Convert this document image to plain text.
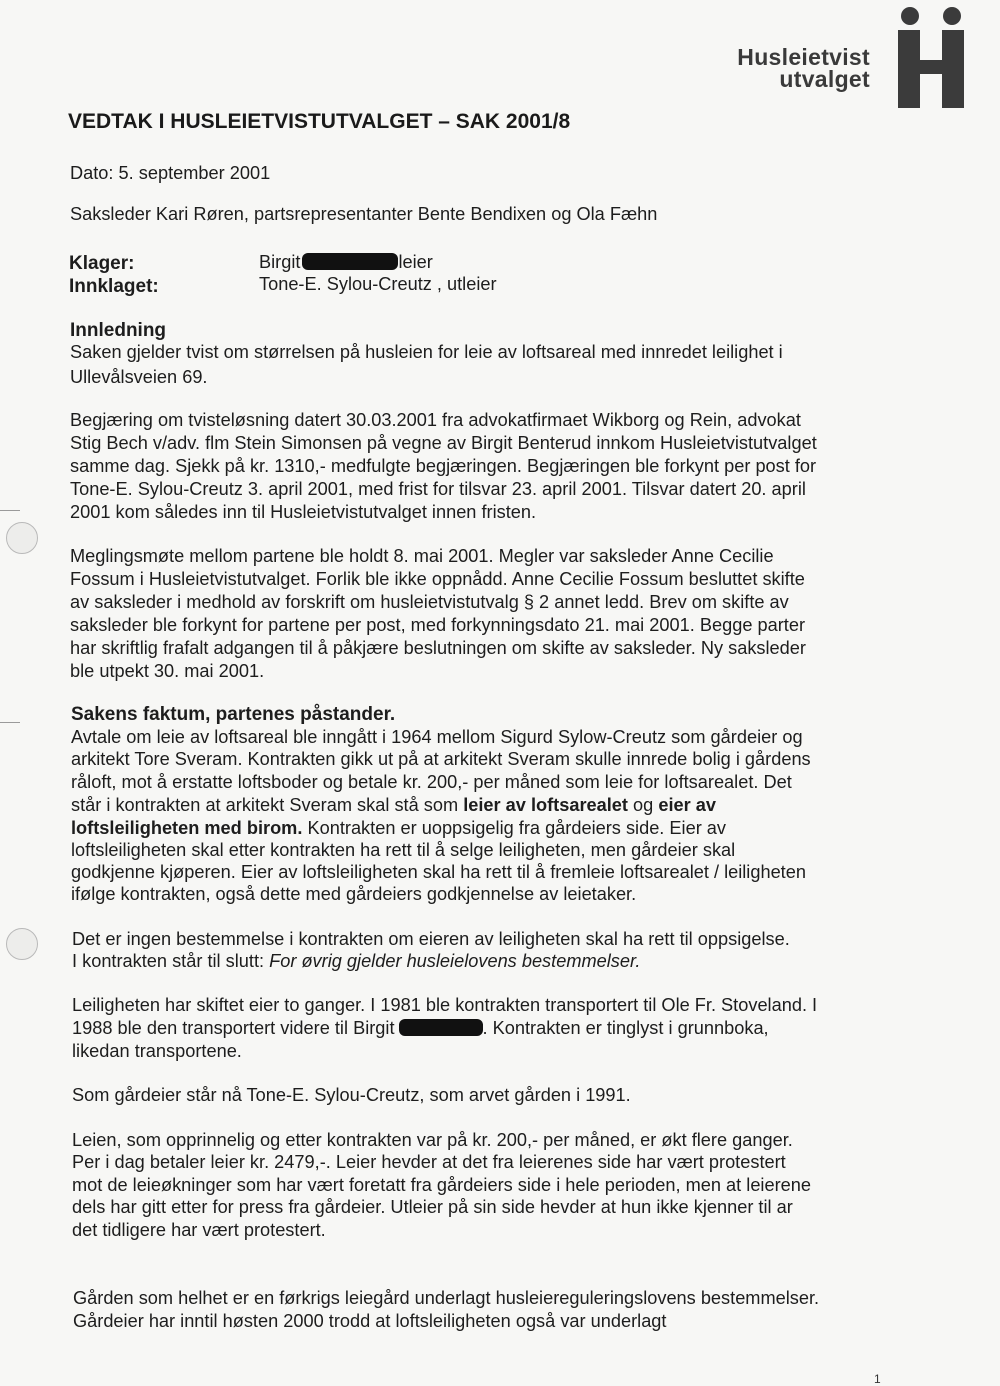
Husleietvist
utvalget
VEDTAK I HUSLEIETVISTUTVALGET – SAK 2001/8
Dato: 5. september 2001
Saksleder Kari Røren, partsrepresentanter Bente Bendixen og Ola Fæhn
Klager:	Birgit	leier
Innklaget:	Tone-E. Sylou-Creutz , utleier
Innledning
Saken gjelder tvist om størrelsen på husleien for leie av loftsareal med innredet leilighet i
Ullevålsveien 69.
Begjæring om tvisteløsning datert 30.03.2001 fra advokatfirmaet Wikborg og Rein, advokat
Stig Bech v/adv. flm Stein Simonsen på vegne av Birgit Benterud innkom Husleietvistutvalget
samme dag. Sjekk på kr. 1310,- medfulgte begjæringen. Begjæringen ble forkynt per post for
Tone-E. Sylou-Creutz 3. april 2001, med frist for tilsvar 23. april 2001. Tilsvar datert 20. april
2001 kom således inn til Husleietvistutvalget innen fristen.
Meglingsmøte mellom partene ble holdt 8. mai 2001. Megler var saksleder Anne Cecilie
Fossum i Husleietvistutvalget. Forlik ble ikke oppnådd. Anne Cecilie Fossum besluttet skifte
av saksleder i medhold av forskrift om husleietvistutvalg § 2 annet ledd. Brev om skifte av
saksleder ble forkynt for partene per post, med forkynningsdato 21. mai 2001. Begge parter
har skriftlig frafalt adgangen til å påkjære beslutningen om skifte av saksleder. Ny saksleder
ble utpekt 30. mai 2001.
Sakens faktum, partenes påstander.
Avtale om leie av loftsareal ble inngått i 1964 mellom Sigurd Sylow-Creutz som gårdeier og
arkitekt Tore Sveram. Kontrakten gikk ut på at arkitekt Sveram skulle innrede bolig i gårdens
råloft, mot å erstatte loftsboder og betale kr. 200,- per måned som leie for loftsarealet. Det
står i kontrakten at arkitekt Sveram skal stå som leier av loftsarealet og eier av
loftsleiligheten med birom. Kontrakten er uoppsigelig fra gårdeiers side. Eier av
loftsleiligheten skal etter kontrakten ha rett til å selge leiligheten, men gårdeier skal
godkjenne kjøperen. Eier av loftsleiligheten skal ha rett til å fremleie loftsarealet / leiligheten
ifølge kontrakten, også dette med gårdeiers godkjennelse av leietaker.
Det er ingen bestemmelse i kontrakten om eieren av leiligheten skal ha rett til oppsigelse.
I kontrakten står til slutt: For øvrig gjelder husleielovens bestemmelser.
Leiligheten har skiftet eier to ganger. I 1981 ble kontrakten transportert til Ole Fr. Stoveland. I
1988 ble den transportert videre til Birgit	. Kontrakten er tinglyst i grunnboka,
likedan transportene.
Som gårdeier står nå Tone-E. Sylou-Creutz, som arvet gården i 1991.
Leien, som opprinnelig og etter kontrakten var på kr. 200,- per måned, er økt flere ganger.
Per i dag betaler leier kr. 2479,-. Leier hevder at det fra leierenes side har vært protestert
mot de leieøkninger som har vært foretatt fra gårdeiers side i hele perioden, men at leierene
dels har gitt etter for press fra gårdeier. Utleier på sin side hevder at hun ikke kjenner til ar
det tidligere har vært protestert.
Gården som helhet er en førkrigs leiegård underlagt husleiereguleringslovens bestemmelser.
Gårdeier har inntil høsten 2000 trodd at loftsleiligheten også var underlagt
1
